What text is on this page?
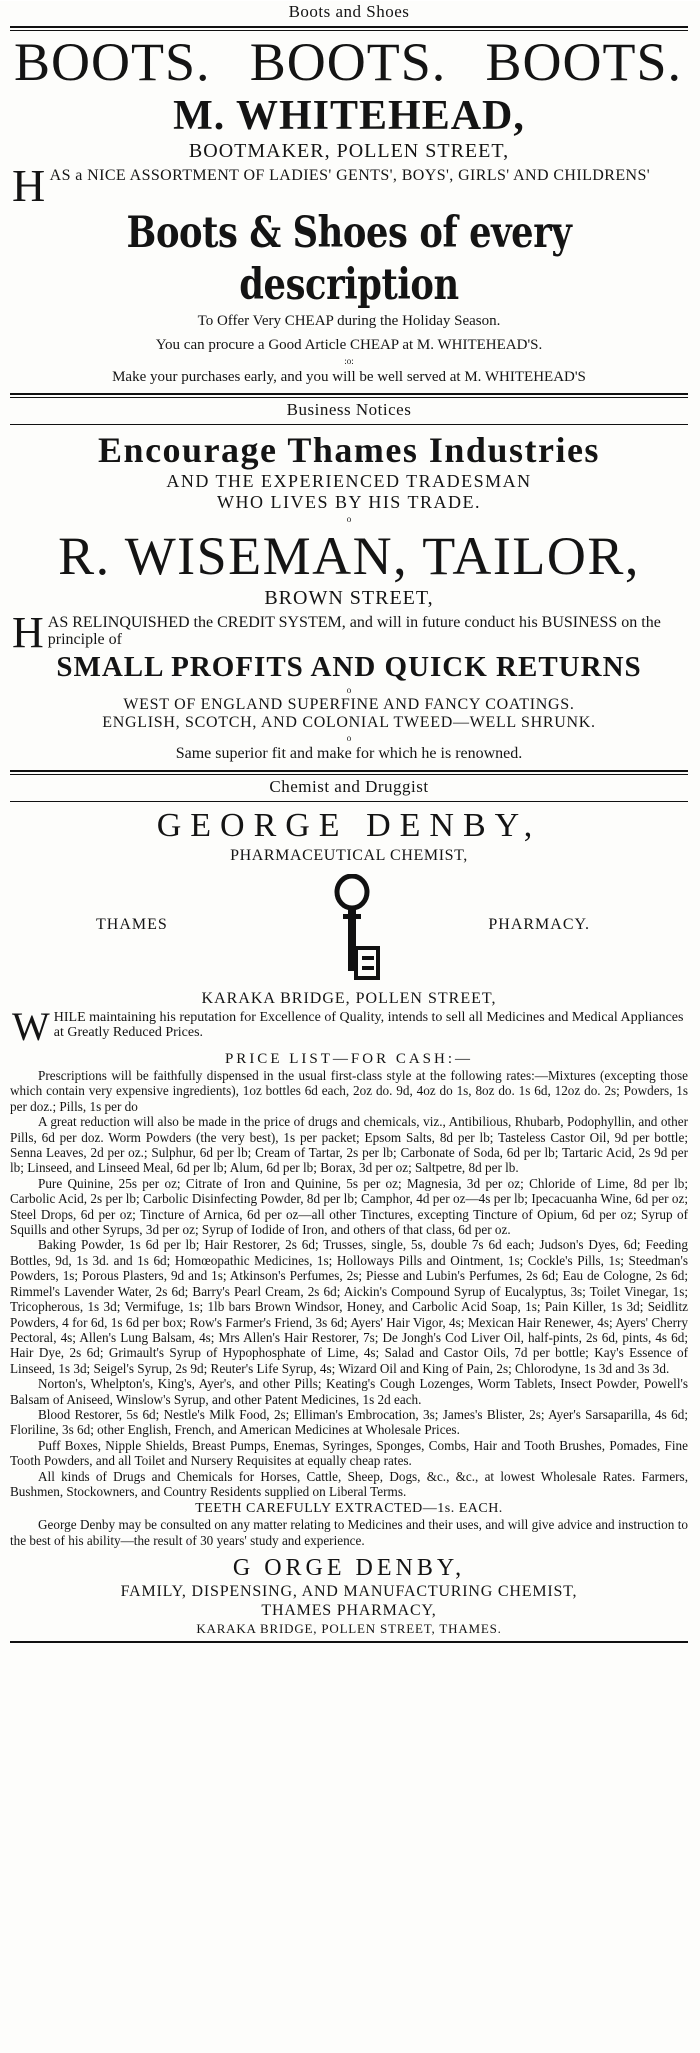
Boots and Shoes
BOOTS. BOOTS. BOOTS.
M. WHITEHEAD,
BOOTMAKER, POLLEN STREET,
H AS a NICE ASSORTMENT OF LADIES' GENTS', BOYS', GIRLS' AND CHILDRENS'
Boots & Shoes of every description
To Offer Very CHEAP during the Holiday Season.
You can procure a Good Article CHEAP at M. WHITEHEAD'S.
:o:
Make your purchases early, and you will be well served at M. WHITEHEAD'S
Business Notices
Encourage Thames Industries
AND THE EXPERIENCED TRADESMAN
WHO LIVES BY HIS TRADE.
o
R. WISEMAN, TAILOR,
BROWN STREET,
H AS RELINQUISHED the CREDIT SYSTEM, and will in future conduct his BUSINESS on the principle of
SMALL PROFITS AND QUICK RETURNS
o
WEST OF ENGLAND SUPERFINE AND FANCY COATINGS.
ENGLISH, SCOTCH, AND COLONIAL TWEED—WELL SHRUNK.
o
Same superior fit and make for which he is renowned.
Chemist and Druggist
GEORGE DENBY,
PHARMACEUTICAL CHEMIST,
THAMES	PHARMACY.
KARAKA BRIDGE, POLLEN STREET,
W HILE maintaining his reputation for Excellence of Quality, intends to sell all Medicines and Medical Appliances at Greatly Reduced Prices.
PRICE LIST—FOR CASH:—

Prescriptions will be faithfully dispensed in the usual first-class style at the following rates:—Mixtures (excepting those which contain very expensive ingredients), 1oz bottles 6d each, 2oz do. 9d, 4oz do 1s, 8oz do. 1s 6d, 12oz do. 2s; Powders, 1s per doz.; Pills, 1s per do

A great reduction will also be made in the price of drugs and chemicals, viz., Antibilious, Rhubarb, Podophyllin, and other Pills, 6d per doz. Worm Powders (the very best), 1s per packet; Epsom Salts, 8d per lb; Tasteless Castor Oil, 9d per bottle; Senna Leaves, 2d per oz.; Sulphur, 6d per lb; Cream of Tartar, 2s per lb; Carbonate of Soda, 6d per lb; Tartaric Acid, 2s 9d per lb; Linseed, and Linseed Meal, 6d per lb; Alum, 6d per lb; Borax, 3d per oz; Saltpetre, 8d per lb.

Pure Quinine, 25s per oz; Citrate of Iron and Quinine, 5s per oz; Magnesia, 3d per oz; Chloride of Lime, 8d per lb; Carbolic Acid, 2s per lb; Carbolic Disinfecting Powder, 8d per lb; Camphor, 4d per oz—4s per lb; Ipecacuanha Wine, 6d per oz; Steel Drops, 6d per oz; Tincture of Arnica, 6d per oz—all other Tinctures, excepting Tincture of Opium, 6d per oz; Syrup of Squills and other Syrups, 3d per oz; Syrup of Iodide of Iron, and others of that class, 6d per oz.

Baking Powder, 1s 6d per lb; Hair Restorer, 2s 6d; Trusses, single, 5s, double 7s 6d each; Judson's Dyes, 6d; Feeding Bottles, 9d, 1s 3d. and 1s 6d; Homœopathic Medicines, 1s; Holloways Pills and Ointment, 1s; Cockle's Pills, 1s; Steedman's Powders, 1s; Porous Plasters, 9d and 1s; Atkinson's Perfumes, 2s; Piesse and Lubin's Perfumes, 2s 6d; Eau de Cologne, 2s 6d; Rimmel's Lavender Water, 2s 6d; Barry's Pearl Cream, 2s 6d; Aickin's Compound Syrup of Eucalyptus, 3s; Toilet Vinegar, 1s; Tricopherous, 1s 3d; Vermifuge, 1s; 1lb bars Brown Windsor, Honey, and Carbolic Acid Soap, 1s; Pain Killer, 1s 3d; Seidlitz Powders, 4 for 6d, 1s 6d per box; Row's Farmer's Friend, 3s 6d; Ayers' Hair Vigor, 4s; Mexican Hair Renewer, 4s; Ayers' Cherry Pectoral, 4s; Allen's Lung Balsam, 4s; Mrs Allen's Hair Restorer, 7s; De Jongh's Cod Liver Oil, half-pints, 2s 6d, pints, 4s 6d; Hair Dye, 2s 6d; Grimault's Syrup of Hypophosphate of Lime, 4s; Salad and Castor Oils, 7d per bottle; Kay's Essence of Linseed, 1s 3d; Seigel's Syrup, 2s 9d; Reuter's Life Syrup, 4s; Wizard Oil and King of Pain, 2s; Chlorodyne, 1s 3d and 3s 3d.

Norton's, Whelpton's, King's, Ayer's, and other Pills; Keating's Cough Lozenges, Worm Tablets, Insect Powder, Powell's Balsam of Aniseed, Winslow's Syrup, and other Patent Medicines, 1s 2d each.

Blood Restorer, 5s 6d; Nestle's Milk Food, 2s; Elliman's Embrocation, 3s; James's Blister, 2s; Ayer's Sarsaparilla, 4s 6d; Floriline, 3s 6d; other English, French, and American Medicines at Wholesale Prices.

Puff Boxes, Nipple Shields, Breast Pumps, Enemas, Syringes, Sponges, Combs, Hair and Tooth Brushes, Pomades, Fine Tooth Powders, and all Toilet and Nursery Requisites at equally cheap rates.

All kinds of Drugs and Chemicals for Horses, Cattle, Sheep, Dogs, &c., &c., at lowest Wholesale Rates. Farmers, Bushmen, Stockowners, and Country Residents supplied on Liberal Terms.

TEETH CAREFULLY EXTRACTED—1s. EACH.

George Denby may be consulted on any matter relating to Medicines and their uses, and will give advice and instruction to the best of his ability—the result of 30 years' study and experience.

G ORGE DENBY,
FAMILY, DISPENSING, AND MANUFACTURING CHEMIST,
THAMES PHARMACY,
KARAKA BRIDGE, POLLEN STREET, THAMES.
